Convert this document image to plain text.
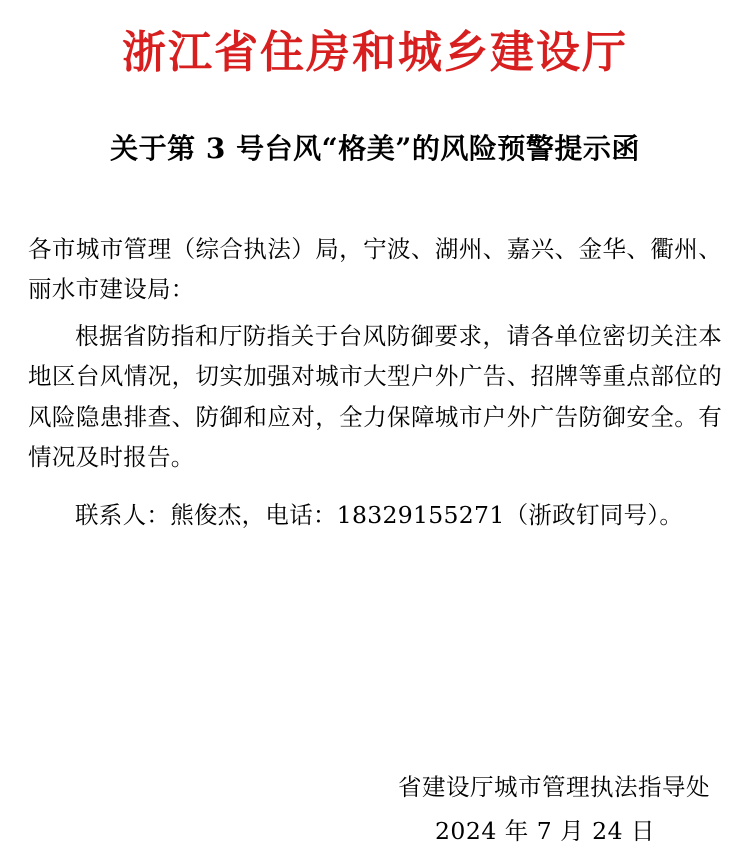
浙江省住房和城乡建设厅
关于第 3 号台风“格美”的风险预警提示函

各市城市管理（综合执法）局，宁波、湖州、嘉兴、金华、衢州、丽水市建设局：

根据省防指和厅防指关于台风防御要求，请各单位密切关注本地区台风情况，切实加强对城市大型户外广告、招牌等重点部位的风险隐患排查、防御和应对，全力保障城市户外广告防御安全。有情况及时报告。

联系人：熊俊杰，电话：18329155271（浙政钉同号）。

省建设厅城市管理执法指导处
2024 年 7 月 24 日
